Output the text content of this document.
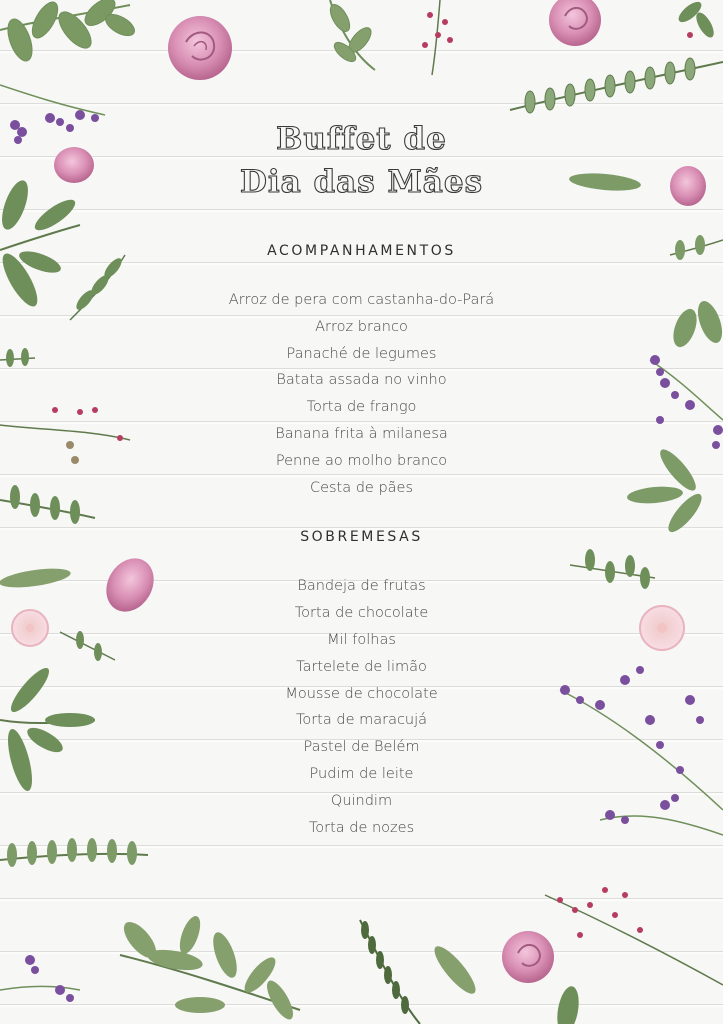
Buffet de
Dia das Mães
ACOMPANHAMENTOS
Arroz de pera com castanha-do-Pará
Arroz branco
Panaché de legumes
Batata assada no vinho
Torta de frango
Banana frita à milanesa
Penne ao molho branco
Cesta de pães
SOBREMESAS
Bandeja de frutas
Torta de chocolate
Mil folhas
Tartelete de limão
Mousse de chocolate
Torta de maracujá
Pastel de Belém
Pudim de leite
Quindim
Torta de nozes
